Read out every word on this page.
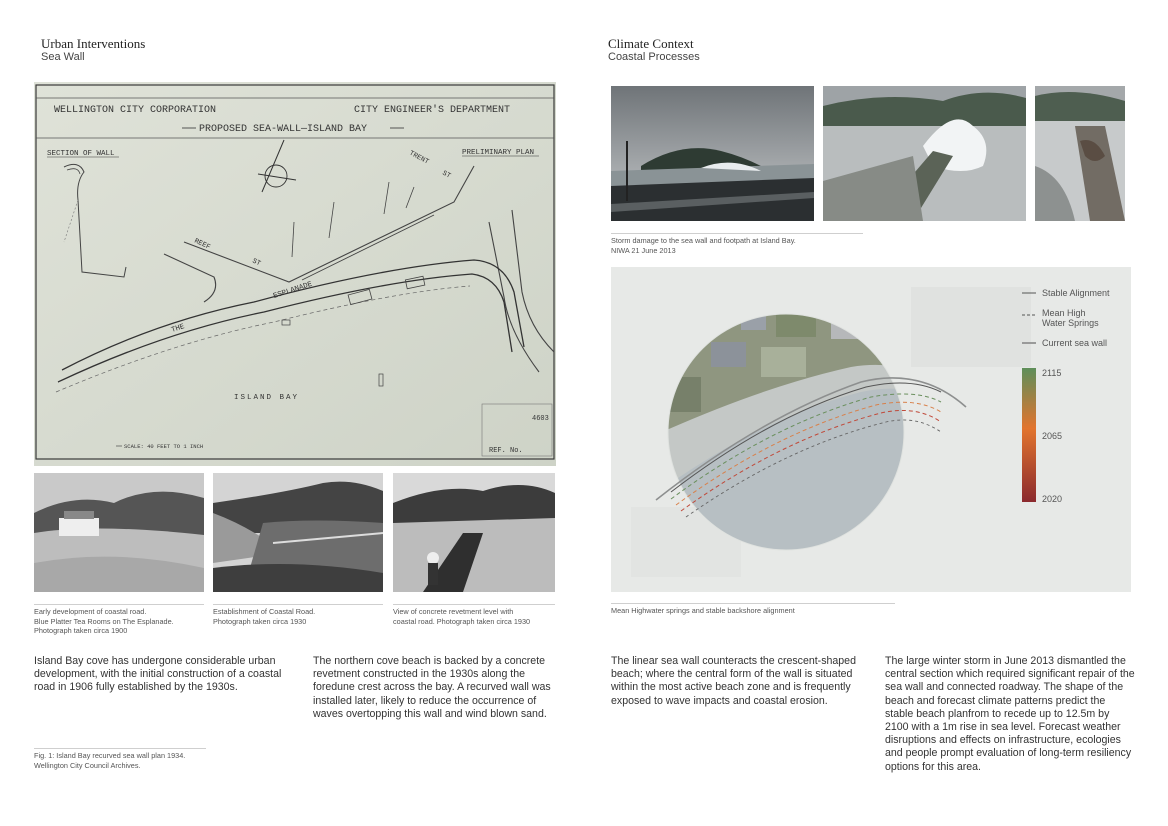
Urban Interventions
Sea Wall
WELLINGTON CITY CORPORATION	CITY ENGINEER'S DEPARTMENT
PROPOSED SEA-WALL—ISLAND BAY
SECTION OF WALL	PRELIMINARY PLAN
TRENT
ST
REEF
ST
ESPLANADE
THE
ISLAND BAY
4603
REF. No.
SCALE: 40 FEET TO 1 INCH
Early development of coastal road.
Blue Platter Tea Rooms on The Esplanade.
Photograph taken circa 1900
Establishment of Coastal Road.
Photograph taken circa 1930
View of concrete revetment level with
coastal road. Photograph taken circa 1930
Island Bay cove has undergone considerable urban development, with the initial construction of a coastal road in 1906 fully established by the 1930s.
The northern cove beach is backed by a concrete revetment constructed in the 1930s along the foredune crest across the bay. A recurved wall was installed later, likely to reduce the occurrence of waves overtopping this wall and wind blown sand.
Fig. 1: Island Bay recurved sea wall plan 1934.
Wellington City Council Archives.
Climate Context
Coastal Processes
Storm damage to the sea wall and footpath at Island Bay.
NIWA 21 June 2013
Stable Alignment
Mean High
Water Springs
Current sea wall
2115
2065
2020
Mean Highwater springs and stable backshore alignment
The linear sea wall counteracts the crescent-shaped beach; where the central form of the wall is situated within the most active beach zone and is frequently exposed to wave impacts and coastal erosion.
The large winter storm in June 2013 dismantled the central section which required significant repair of the sea wall and connected roadway. The shape of the beach and forecast climate patterns predict the stable beach planfrom to recede up to 12.5m by 2100 with a 1m rise in sea level. Forecast weather disruptions and effects on infrastructure, ecologies and people prompt evaluation of long-term resiliency options for this area.
